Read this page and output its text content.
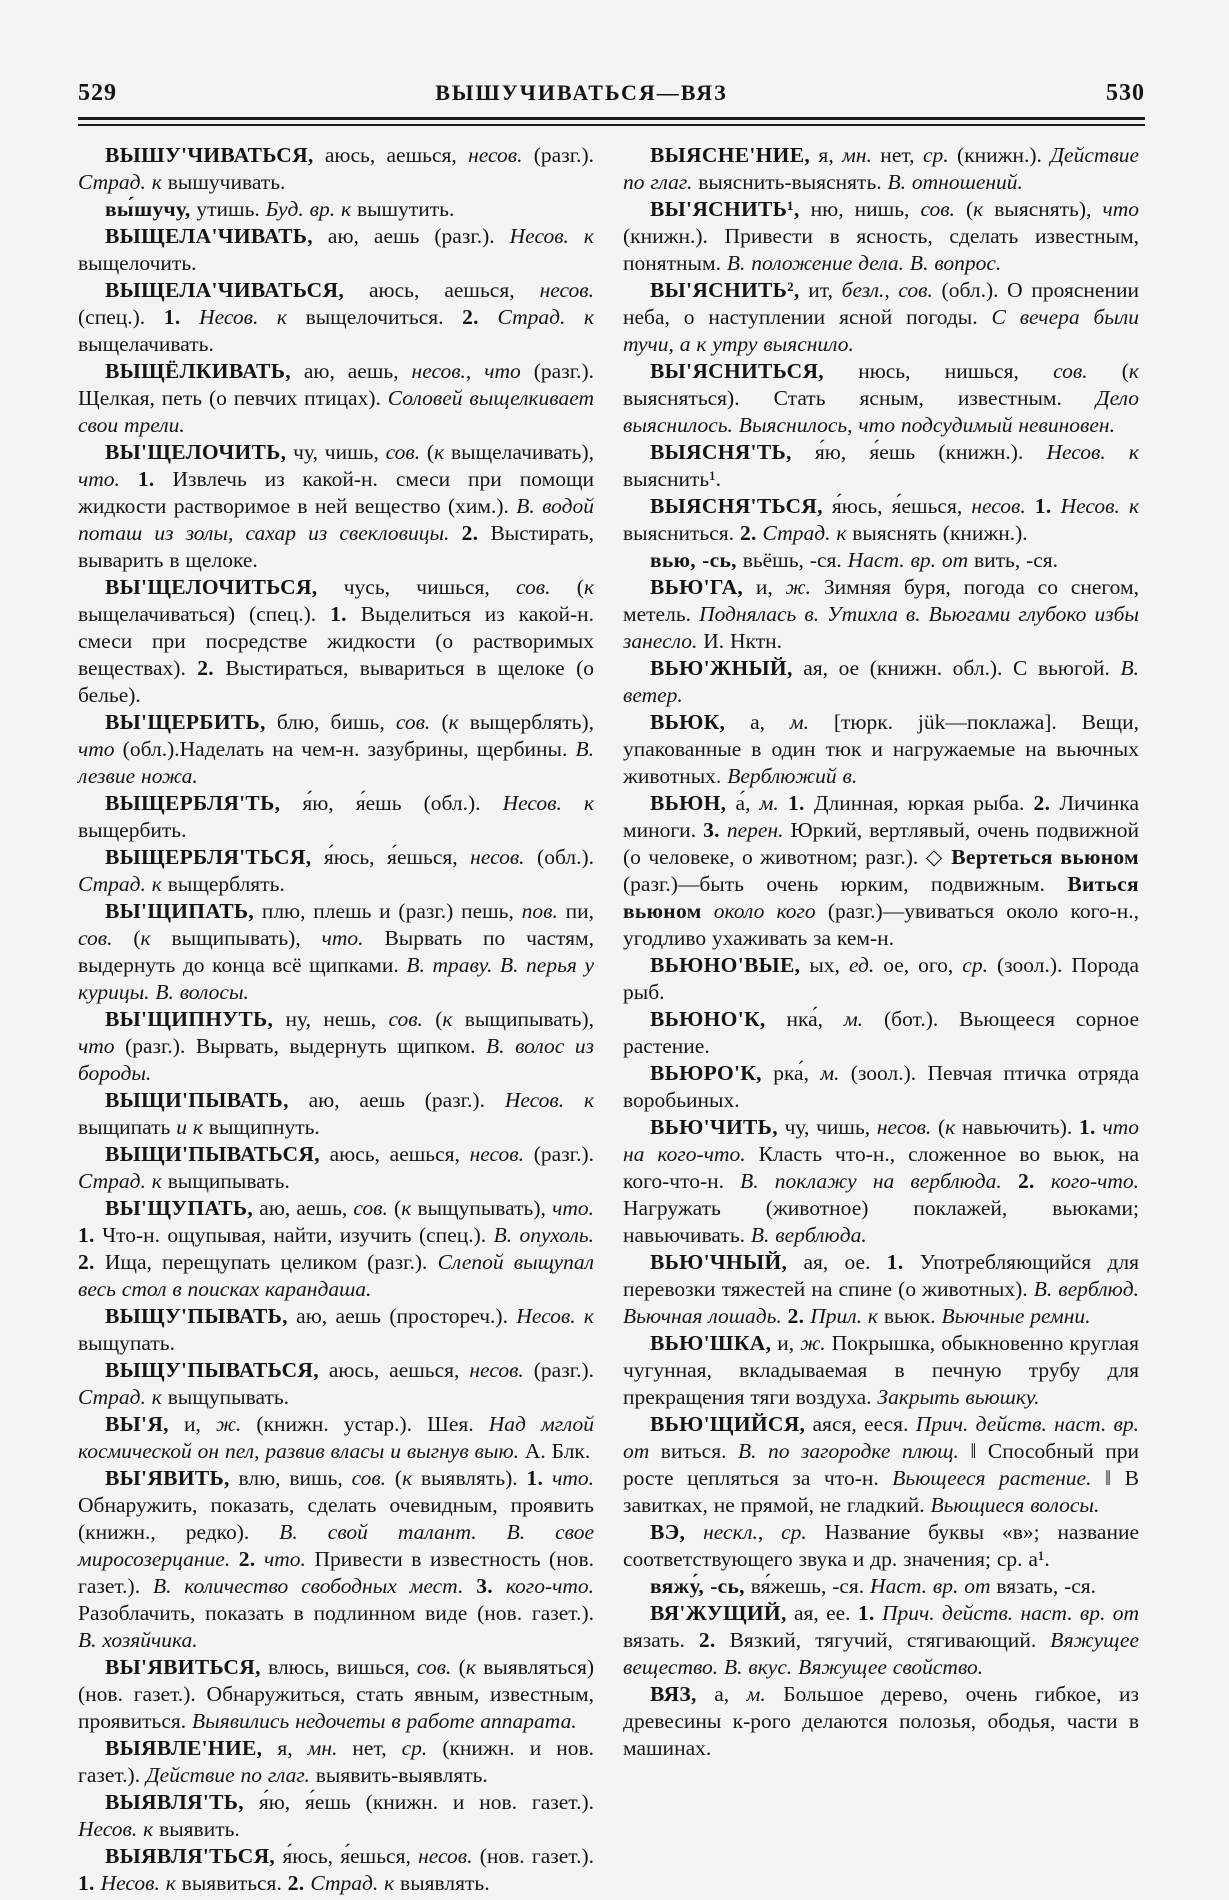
529	ВЫШУЧИВАТЬСЯ—ВЯЗ	530

ВЫШУ'ЧИВАТЬСЯ, аюсь, аешься, несов. (разг.). Страд. к вышучивать.

вы́шучу, утишь. Буд. вр. к вышутить.

ВЫЩЕЛА'ЧИВАТЬ, аю, аешь (разг.). Несов. к выщелочить.

ВЫЩЕЛА'ЧИВАТЬСЯ, аюсь, аешься, несов. (спец.). 1. Несов. к выщелочиться. 2. Страд. к выщелачивать.

ВЫЩЁЛКИВАТЬ, аю, аешь, несов., что (разг.). Щелкая, петь (о певчих птицах). Соловей выщелкивает свои трели.

ВЫ'ЩЕЛОЧИТЬ, чу, чишь, сов. (к выщелачивать), что. 1. Извлечь из какой-н. смеси при помощи жидкости растворимое в ней вещество (хим.). В. водой поташ из золы, сахар из свекловицы. 2. Выстирать, выварить в щелоке.

ВЫ'ЩЕЛОЧИТЬСЯ, чусь, чишься, сов. (к выщелачиваться) (спец.). 1. Выделиться из какой-н. смеси при посредстве жидкости (о растворимых веществах). 2. Выстираться, вывариться в щелоке (о белье).

ВЫ'ЩЕРБИТЬ, блю, бишь, сов. (к выщерблять), что (обл.).Наделать на чем-н. зазубрины, щербины. В. лезвие ножа.

ВЫЩЕРБЛЯ'ТЬ, я́ю, я́ешь (обл.). Несов. к выщербить.

ВЫЩЕРБЛЯ'ТЬСЯ, я́юсь, я́ешься, несов. (обл.). Страд. к выщерблять.

ВЫ'ЩИПАТЬ, плю, плешь и (разг.) пешь, пов. пи, сов. (к выщипывать), что. Вырвать по частям, выдернуть до конца всё щипками. В. траву. В. перья у курицы. В. волосы.

ВЫ'ЩИПНУТЬ, ну, нешь, сов. (к выщипывать), что (разг.). Вырвать, выдернуть щипком. В. волос из бороды.

ВЫЩИ'ПЫВАТЬ, аю, аешь (разг.). Несов. к выщипать и к выщипнуть.

ВЫЩИ'ПЫВАТЬСЯ, аюсь, аешься, несов. (разг.). Страд. к выщипывать.

ВЫ'ЩУПАТЬ, аю, аешь, сов. (к выщупывать), что. 1. Что-н. ощупывая, найти, изучить (спец.). В. опухоль. 2. Ища, перещупать целиком (разг.). Слепой выщупал весь стол в поисках карандаша.

ВЫЩУ'ПЫВАТЬ, аю, аешь (простореч.). Несов. к выщупать.

ВЫЩУ'ПЫВАТЬСЯ, аюсь, аешься, несов. (разг.). Страд. к выщупывать.

ВЫ'Я, и, ж. (книжн. устар.). Шея. Над мглой космической он пел, развив власы и выгнув выю. А. Блк.

ВЫ'ЯВИТЬ, влю, вишь, сов. (к выявлять). 1. что. Обнаружить, показать, сделать очевидным, проявить (книжн., редко). В. свой талант. В. свое миросозерцание. 2. что. Привести в известность (нов. газет.). В. количество свободных мест. 3. кого-что. Разоблачить, показать в подлинном виде (нов. газет.). В. хозяйчика.

ВЫ'ЯВИТЬСЯ, влюсь, вишься, сов. (к выявляться) (нов. газет.). Обнаружиться, стать явным, известным, проявиться. Выявились недочеты в работе аппарата.

ВЫЯВЛЕ'НИЕ, я, мн. нет, ср. (книжн. и нов. газет.). Действие по глаг. выявить-выявлять.

ВЫЯВЛЯ'ТЬ, я́ю, я́ешь (книжн. и нов. газет.). Несов. к выявить.

ВЫЯВЛЯ'ТЬСЯ, я́юсь, я́ешься, несов. (нов. газет.). 1. Несов. к выявиться. 2. Страд. к выявлять.

ВЫЯСНЕ'НИЕ, я, мн. нет, ср. (книжн.). Действие по глаг. выяснить-выяснять. В. отношений.

ВЫ'ЯСНИТЬ¹, ню, нишь, сов. (к выяснять), что (книжн.). Привести в ясность, сделать известным, понятным. В. положение дела. В. вопрос.

ВЫ'ЯСНИТЬ², ит, безл., сов. (обл.). О прояснении неба, о наступлении ясной погоды. С вечера были тучи, а к утру выяснило.

ВЫ'ЯСНИТЬСЯ, нюсь, нишься, сов. (к выясняться). Стать ясным, известным. Дело выяснилось. Выяснилось, что подсудимый невиновен.

ВЫЯСНЯ'ТЬ, я́ю, я́ешь (книжн.). Несов. к выяснить¹.

ВЫЯСНЯ'ТЬСЯ, я́юсь, я́ешься, несов. 1. Несов. к выясниться. 2. Страд. к выяснять (книжн.).

вью, -сь, вьёшь, -ся. Наст. вр. от вить, -ся.

ВЬЮ'ГА, и, ж. Зимняя буря, погода со снегом, метель. Поднялась в. Утихла в. Вьюгами глубоко избы занесло. И. Нктн.

ВЬЮ'ЖНЫЙ, ая, ое (книжн. обл.). С вьюгой. В. ветер.

ВЬЮК, а, м. [тюрк. jük—поклажа]. Вещи, упакованные в один тюк и нагружаемые на вьючных животных. Верблюжий в.

ВЬЮН, а́, м. 1. Длинная, юркая рыба. 2. Личинка миноги. 3. перен. Юркий, вертлявый, очень подвижной (о человеке, о животном; разг.). ◇ Вертеться вьюном (разг.)—быть очень юрким, подвижным. Виться вьюном около кого (разг.)—увиваться около кого-н., угодливо ухаживать за кем-н.

ВЬЮНО'ВЫЕ, ых, ед. ое, ого, ср. (зоол.). Порода рыб.

ВЬЮНО'К, нка́, м. (бот.). Вьющееся сорное растение.

ВЬЮРО'К, рка́, м. (зоол.). Певчая птичка отряда воробьиных.

ВЬЮ'ЧИТЬ, чу, чишь, несов. (к навьючить). 1. что на кого-что. Класть что-н., сложенное во вьюк, на кого-что-н. В. поклажу на верблюда. 2. кого-что. Нагружать (животное) поклажей, вьюками; навьючивать. В. верблюда.

ВЬЮ'ЧНЫЙ, ая, ое. 1. Употребляющийся для перевозки тяжестей на спине (о животных). В. верблюд. Вьючная лошадь. 2. Прил. к вьюк. Вьючные ремни.

ВЬЮ'ШКА, и, ж. Покрышка, обыкновенно круглая чугунная, вкладываемая в печную трубу для прекращения тяги воздуха. Закрыть вьюшку.

ВЬЮ'ЩИЙСЯ, аяся, ееся. Прич. действ. наст. вр. от виться. В. по загородке плющ. ‖ Способный при росте цепляться за что-н. Вьющееся растение. ‖ В завитках, не прямой, не гладкий. Вьющиеся волосы.

ВЭ, нескл., ср. Название буквы «в»; название соответствующего звука и др. значения; ср. а¹.

вяжу́, -сь, вя́жешь, -ся. Наст. вр. от вязать, -ся.

ВЯ'ЖУЩИЙ, ая, ее. 1. Прич. действ. наст. вр. от вязать. 2. Вязкий, тягучий, стягивающий. Вяжущее вещество. В. вкус. Вяжущее свойство.

ВЯЗ, а, м. Большое дерево, очень гибкое, из древесины к-рого делаются полозья, ободья, части в машинах.
